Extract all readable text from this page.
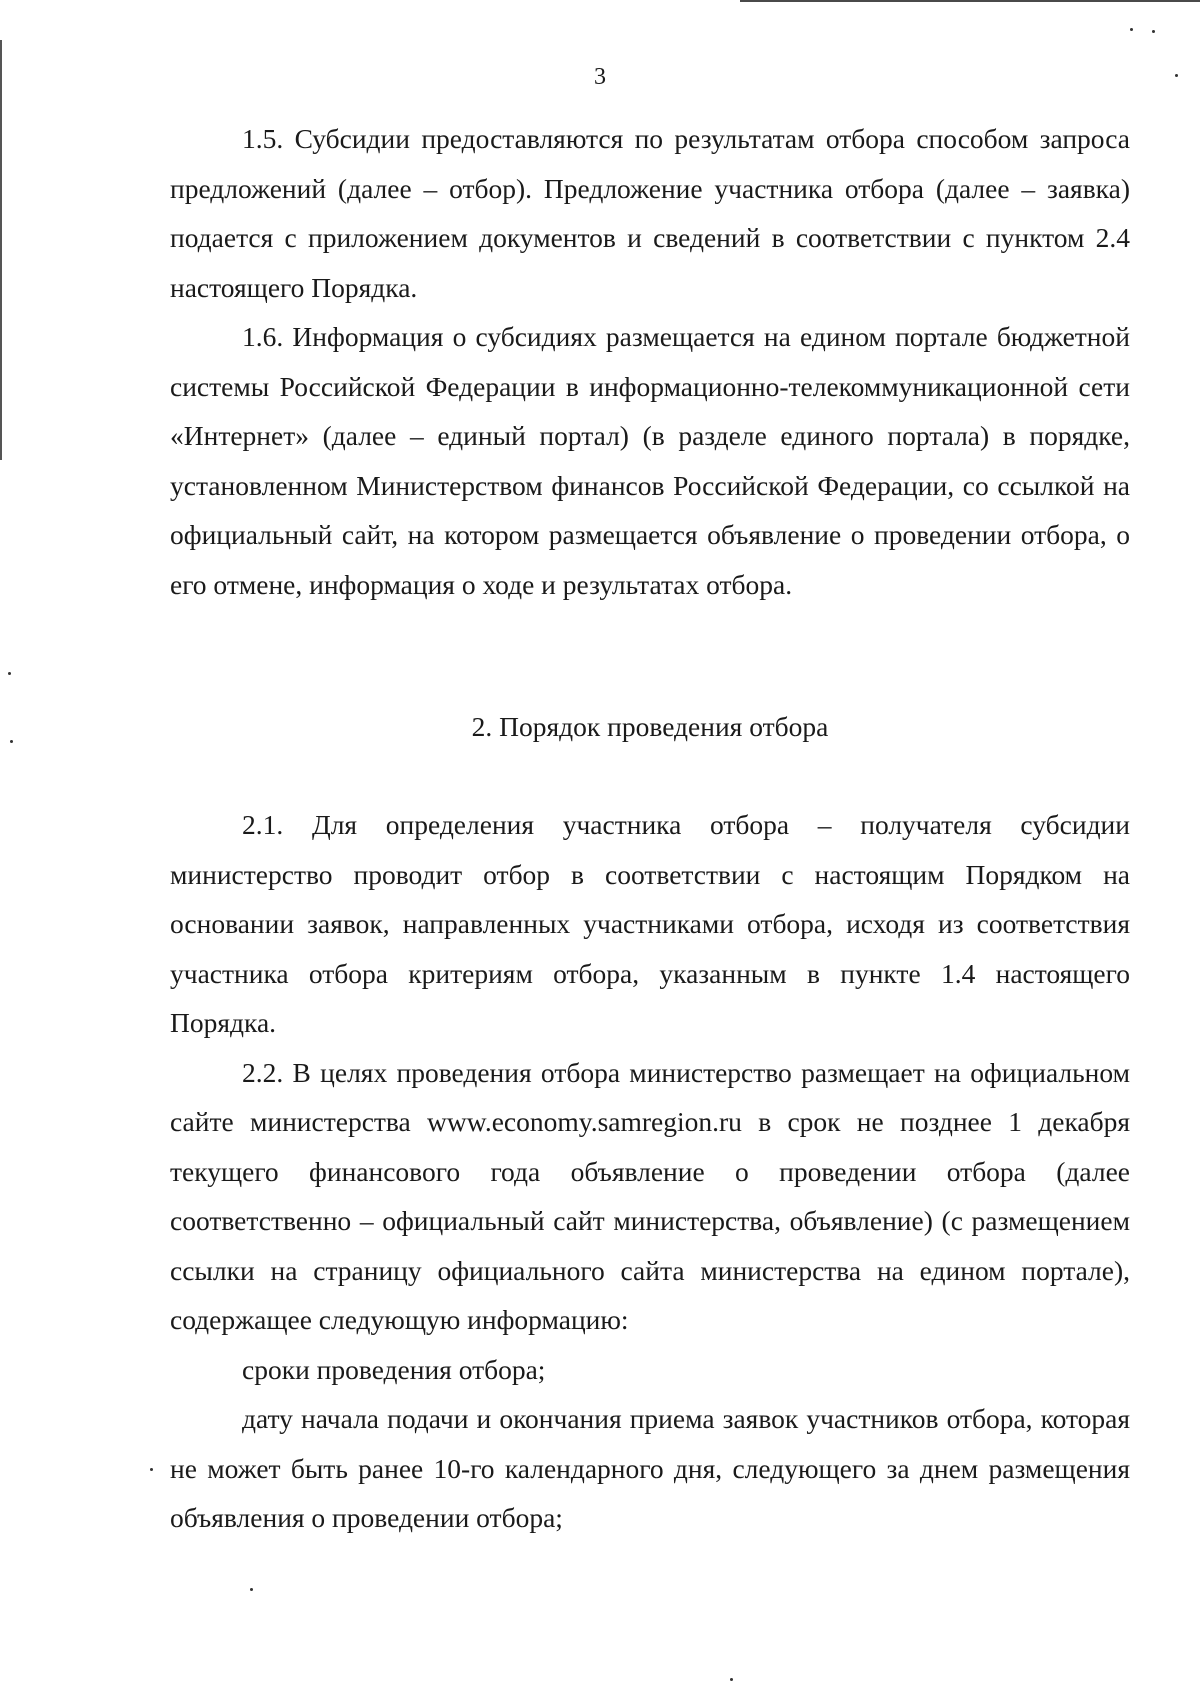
3

1.5. Субсидии предоставляются по результатам отбора способом запроса предложений (далее – отбор). Предложение участника отбора (далее – заявка) подается с приложением документов и сведений в соответствии с пунктом 2.4 настоящего Порядка.

1.6. Информация о субсидиях размещается на едином портале бюджетной системы Российской Федерации в информационно-телекоммуникационной сети «Интернет» (далее – единый портал) (в разделе единого портала) в порядке, установленном Министерством финансов Российской Федерации, со ссылкой на официальный сайт, на котором размещается объявление о проведении отбора, о его отмене, информация о ходе и результатах отбора.

2. Порядок проведения отбора

2.1. Для определения участника отбора – получателя субсидии министерство проводит отбор в соответствии с настоящим Порядком на основании заявок, направленных участниками отбора, исходя из соответствия участника отбора критериям отбора, указанным в пункте 1.4 настоящего Порядка.

2.2. В целях проведения отбора министерство размещает на официальном сайте министерства www.economy.samregion.ru в срок не позднее 1 декабря текущего финансового года объявление о проведении отбора (далее соответственно – официальный сайт министерства, объявление) (с размещением ссылки на страницу официального сайта министерства на едином портале), содержащее следующую информацию:

сроки проведения отбора;

дату начала подачи и окончания приема заявок участников отбора, которая не может быть ранее 10-го календарного дня, следующего за днем размещения объявления о проведении отбора;
